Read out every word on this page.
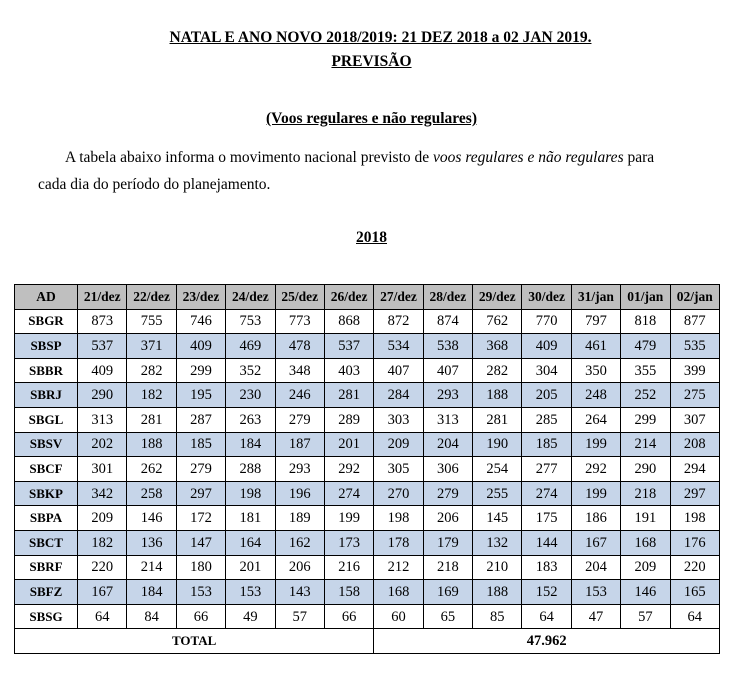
NATAL E ANO NOVO 2018/2019: 21 DEZ 2018 a 02 JAN 2019.
PREVISÃO
(Voos regulares e não regulares)
A tabela abaixo informa o movimento nacional previsto de voos regulares e não regulares para
cada dia do período do planejamento.
2018
AD	21/dez	22/dez	23/dez	24/dez	25/dez	26/dez	27/dez	28/dez	29/dez	30/dez	31/jan	01/jan	02/jan
SBGR	873	755	746	753	773	868	872	874	762	770	797	818	877
SBSP	537	371	409	469	478	537	534	538	368	409	461	479	535
SBBR	409	282	299	352	348	403	407	407	282	304	350	355	399
SBRJ	290	182	195	230	246	281	284	293	188	205	248	252	275
SBGL	313	281	287	263	279	289	303	313	281	285	264	299	307
SBSV	202	188	185	184	187	201	209	204	190	185	199	214	208
SBCF	301	262	279	288	293	292	305	306	254	277	292	290	294
SBKP	342	258	297	198	196	274	270	279	255	274	199	218	297
SBPA	209	146	172	181	189	199	198	206	145	175	186	191	198
SBCT	182	136	147	164	162	173	178	179	132	144	167	168	176
SBRF	220	214	180	201	206	216	212	218	210	183	204	209	220
SBFZ	167	184	153	153	143	158	168	169	188	152	153	146	165
SBSG	64	84	66	49	57	66	60	65	85	64	47	57	64
TOTAL							47.962						
